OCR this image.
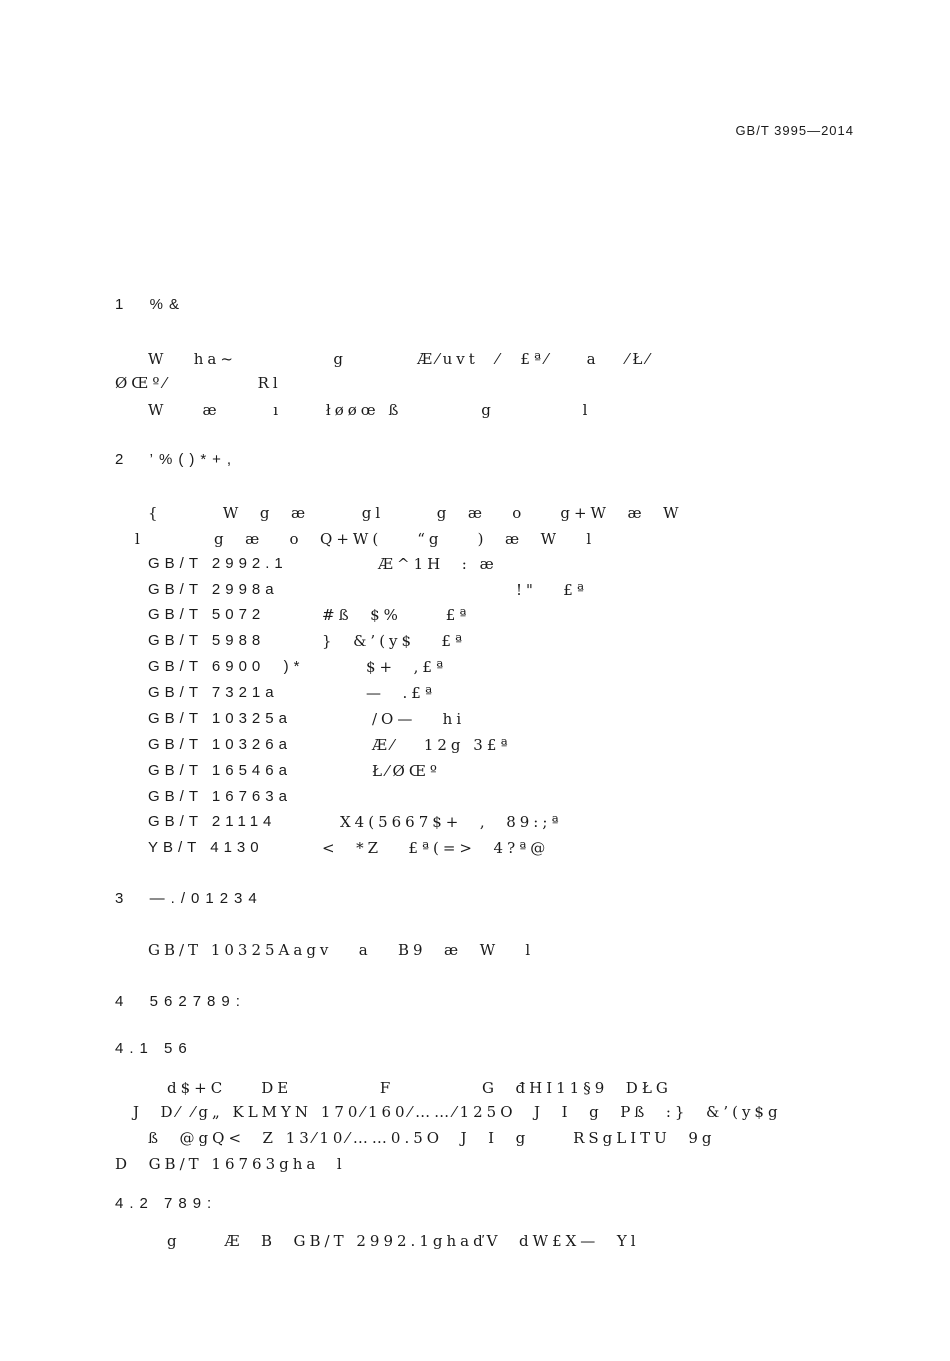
GB/T 3995—2014
1  %&
W   ha~           g        Æ⁄uvt  ⁄  £ª⁄    a   ⁄Ł⁄
ØŒº⁄          Rl
W    æ      ı     łøøœ ß         g          l
2  ’%()*+,
{       W  g  æ      gl      g  æ   o    g+W  æ  W
l        g  æ   o  Q+W(    “g    )  æ  W   l
GB/T 2992.1	Æ^1H  : æ
GB/T 2998a	!"   £ª
GB/T 5072	#ß  $%     £ª
GB/T 5988	}  &’(y$   £ª
GB/T 6900  )*	$+  ,£ª
GB/T 7321a	—  .£ª
GB/T 10325a	/O—   hi
GB/T 10326a	Æ⁄   12g 3£ª
GB/T 16546a	Ł⁄ØŒº
GB/T 16763a
GB/T 21114	X4(5667$+  ,  89:;ª
YB/T 4130	<  *Z   £ª(=>  4?ª@
3  —./01234
GB/T 10325Aagv   a   B9  æ  W   l
4  562789:
4.1 56
d$+C    DE          F          G  đHI11§9  DŁG
J  D⁄ ⁄g„ KLMYN 170⁄160⁄……⁄125O  J  I  g  Pß  :}  &’(y$g
ß  @gQ<  Z 13⁄10⁄……0.5O  J  I  g     RSgLITU  9g
D  GB/T 16763gha  l
4.2 789:
g     Æ  B  GB/T 2992.1ghaďV  dW£X—  Yl
